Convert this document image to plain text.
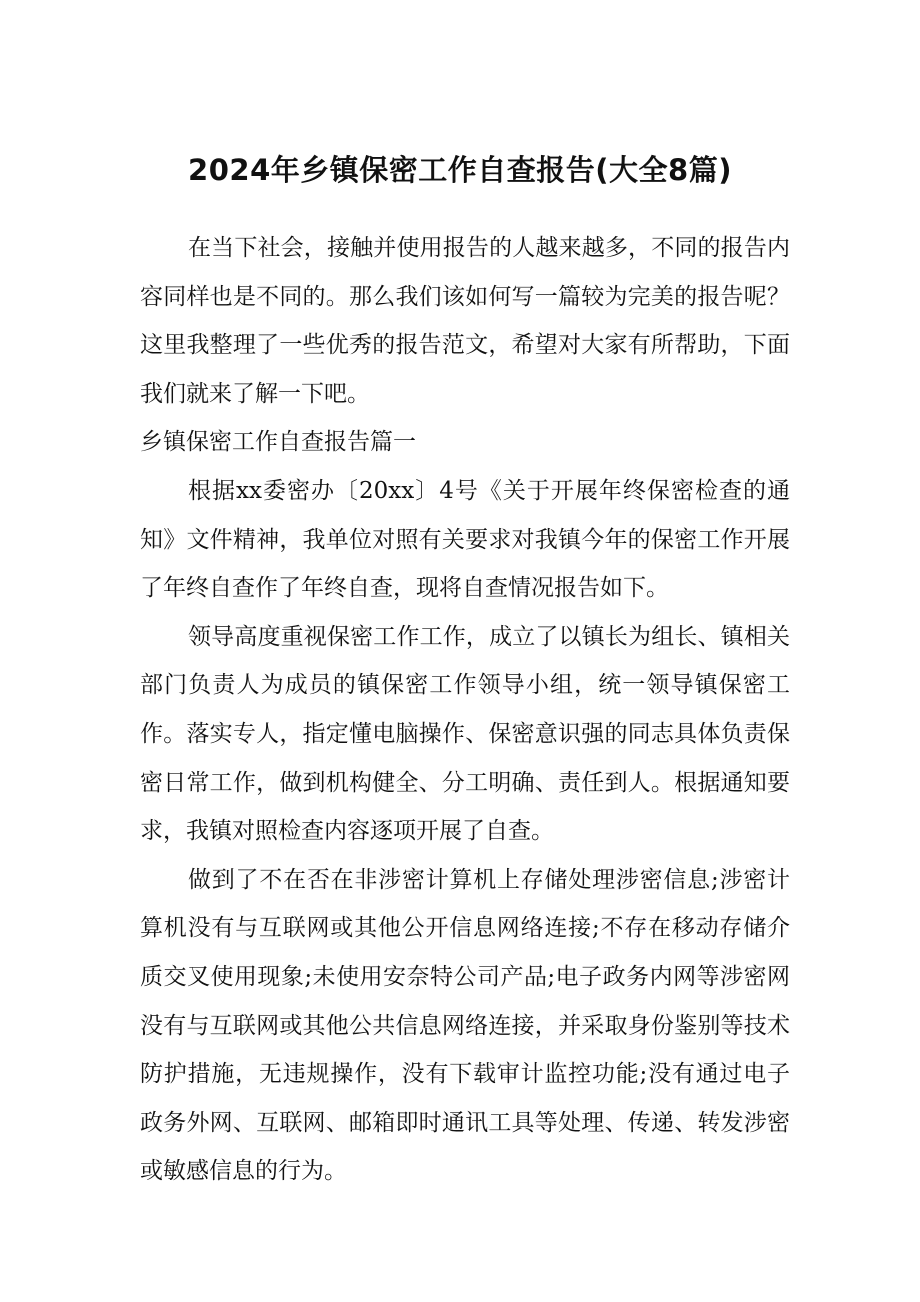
2024年乡镇保密工作自查报告(大全8篇)

在当下社会，接触并使用报告的人越来越多，不同的报告内容同样也是不同的。那么我们该如何写一篇较为完美的报告呢？这里我整理了一些优秀的报告范文，希望对大家有所帮助，下面我们就来了解一下吧。

乡镇保密工作自查报告篇一

根据xx委密办〔20xx〕4号《关于开展年终保密检查的通知》文件精神，我单位对照有关要求对我镇今年的保密工作开展了年终自查作了年终自查，现将自查情况报告如下。

领导高度重视保密工作工作，成立了以镇长为组长、镇相关部门负责人为成员的镇保密工作领导小组，统一领导镇保密工作。落实专人，指定懂电脑操作、保密意识强的同志具体负责保密日常工作，做到机构健全、分工明确、责任到人。根据通知要求，我镇对照检查内容逐项开展了自查。

做到了不在否在非涉密计算机上存储处理涉密信息;涉密计算机没有与互联网或其他公开信息网络连接;不存在移动存储介质交叉使用现象;未使用安奈特公司产品;电子政务内网等涉密网没有与互联网或其他公共信息网络连接，并采取身份鉴别等技术防护措施，无违规操作，没有下载审计监控功能;没有通过电子政务外网、互联网、邮箱即时通讯工具等处理、传递、转发涉密或敏感信息的行为。
